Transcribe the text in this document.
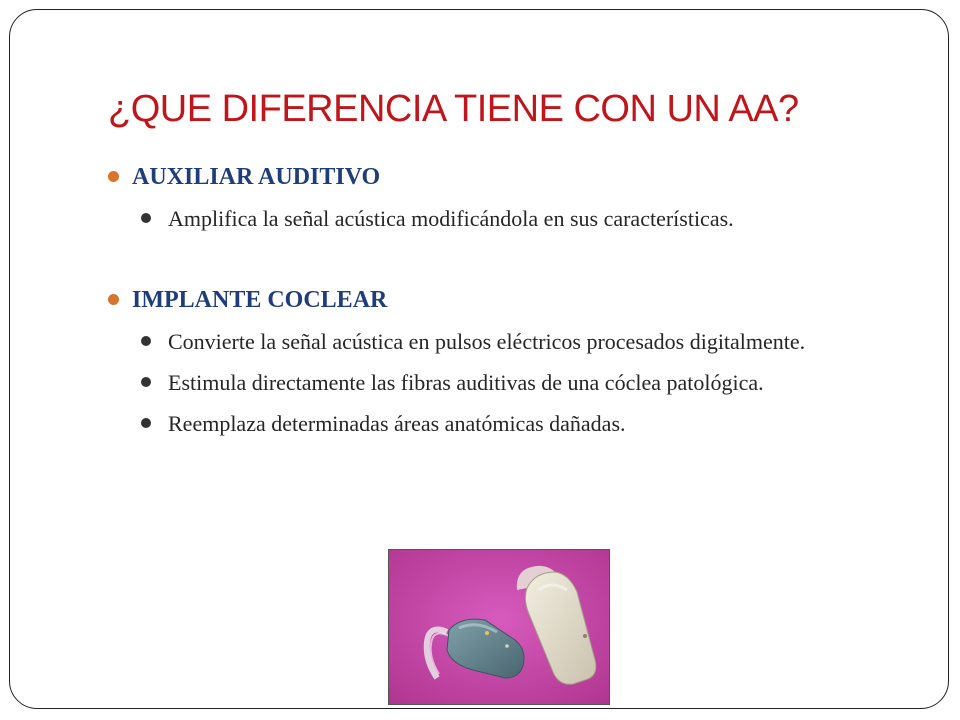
¿QUE DIFERENCIA TIENE CON UN AA?

AUXILIAR AUDITIVO

Amplifica la señal acústica modificándola en sus características.

IMPLANTE COCLEAR

Convierte la señal acústica en pulsos eléctricos procesados digitalmente.

Estimula directamente las fibras auditivas de una cóclea patológica.

Reemplaza determinadas áreas anatómicas dañadas.
